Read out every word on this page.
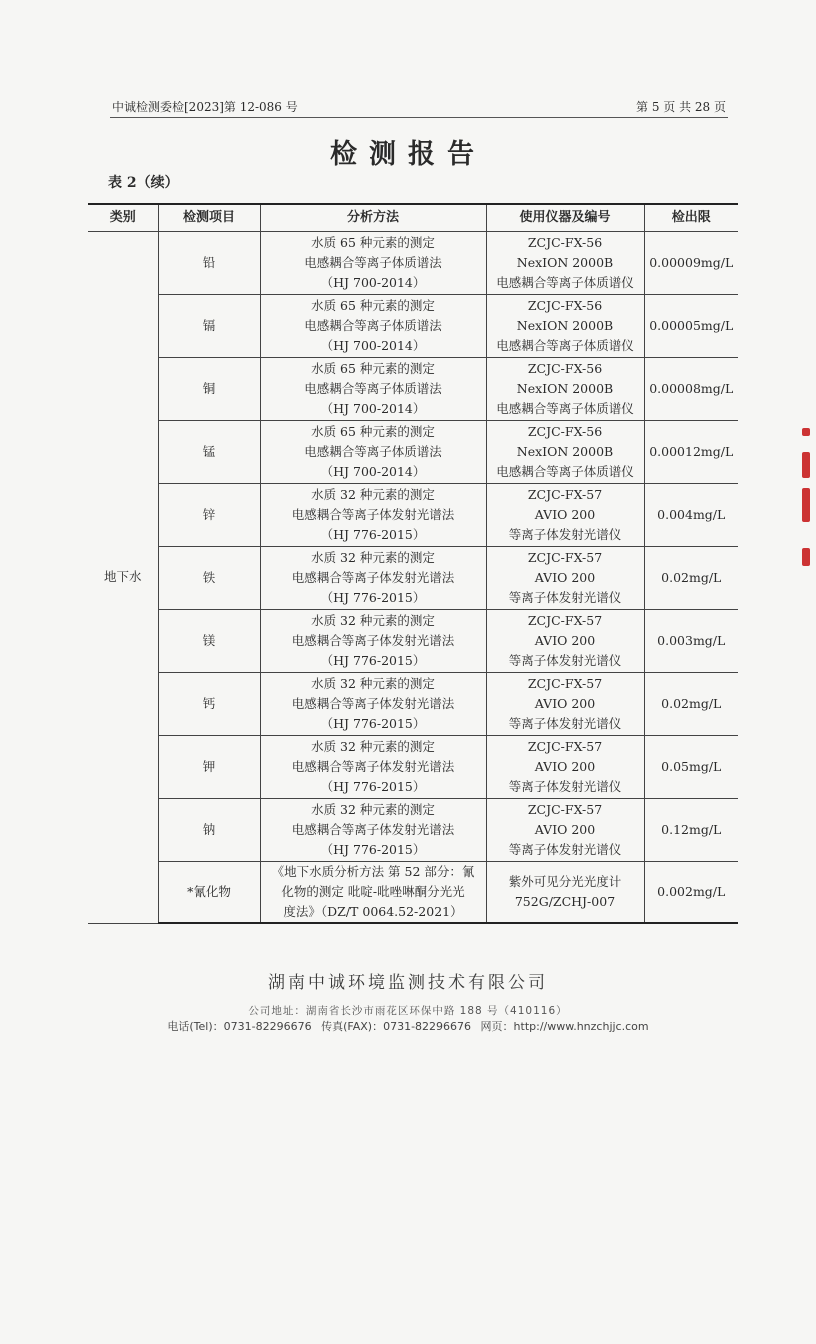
中诚检测委检[2023]第 12-086 号	第 5 页 共 28 页
检测报告
表 2（续）
类别	检测项目	分析方法	使用仪器及编号	检出限
地下水	铅	水质 65 种元素的测定
电感耦合等离子体质谱法
（HJ 700-2014）	ZCJC-FX-56
NexION 2000B
电感耦合等离子体质谱仪	0.00009mg/L
	镉	水质 65 种元素的测定
电感耦合等离子体质谱法
（HJ 700-2014）	ZCJC-FX-56
NexION 2000B
电感耦合等离子体质谱仪	0.00005mg/L
	铜	水质 65 种元素的测定
电感耦合等离子体质谱法
（HJ 700-2014）	ZCJC-FX-56
NexION 2000B
电感耦合等离子体质谱仪	0.00008mg/L
	锰	水质 65 种元素的测定
电感耦合等离子体质谱法
（HJ 700-2014）	ZCJC-FX-56
NexION 2000B
电感耦合等离子体质谱仪	0.00012mg/L
	锌	水质 32 种元素的测定
电感耦合等离子体发射光谱法
（HJ 776-2015）	ZCJC-FX-57
AVIO 200
等离子体发射光谱仪	0.004mg/L
	铁	水质 32 种元素的测定
电感耦合等离子体发射光谱法
（HJ 776-2015）	ZCJC-FX-57
AVIO 200
等离子体发射光谱仪	0.02mg/L
	镁	水质 32 种元素的测定
电感耦合等离子体发射光谱法
（HJ 776-2015）	ZCJC-FX-57
AVIO 200
等离子体发射光谱仪	0.003mg/L
	钙	水质 32 种元素的测定
电感耦合等离子体发射光谱法
（HJ 776-2015）	ZCJC-FX-57
AVIO 200
等离子体发射光谱仪	0.02mg/L
	钾	水质 32 种元素的测定
电感耦合等离子体发射光谱法
（HJ 776-2015）	ZCJC-FX-57
AVIO 200
等离子体发射光谱仪	0.05mg/L
	钠	水质 32 种元素的测定
电感耦合等离子体发射光谱法
（HJ 776-2015）	ZCJC-FX-57
AVIO 200
等离子体发射光谱仪	0.12mg/L
	*氰化物	《地下水质分析方法 第 52 部分：氰
化物的测定 吡啶-吡唑啉酮分光光
度法》（DZ/T 0064.52-2021）	紫外可见分光光度计
752G/ZCHJ-007	0.002mg/L
湖南中诚环境监测技术有限公司
公司地址：湖南省长沙市雨花区环保中路 188 号（410116）
电话(Tel)：0731-82296676 传真(FAX)：0731-82296676 网页：http://www.hnzchjjc.com
